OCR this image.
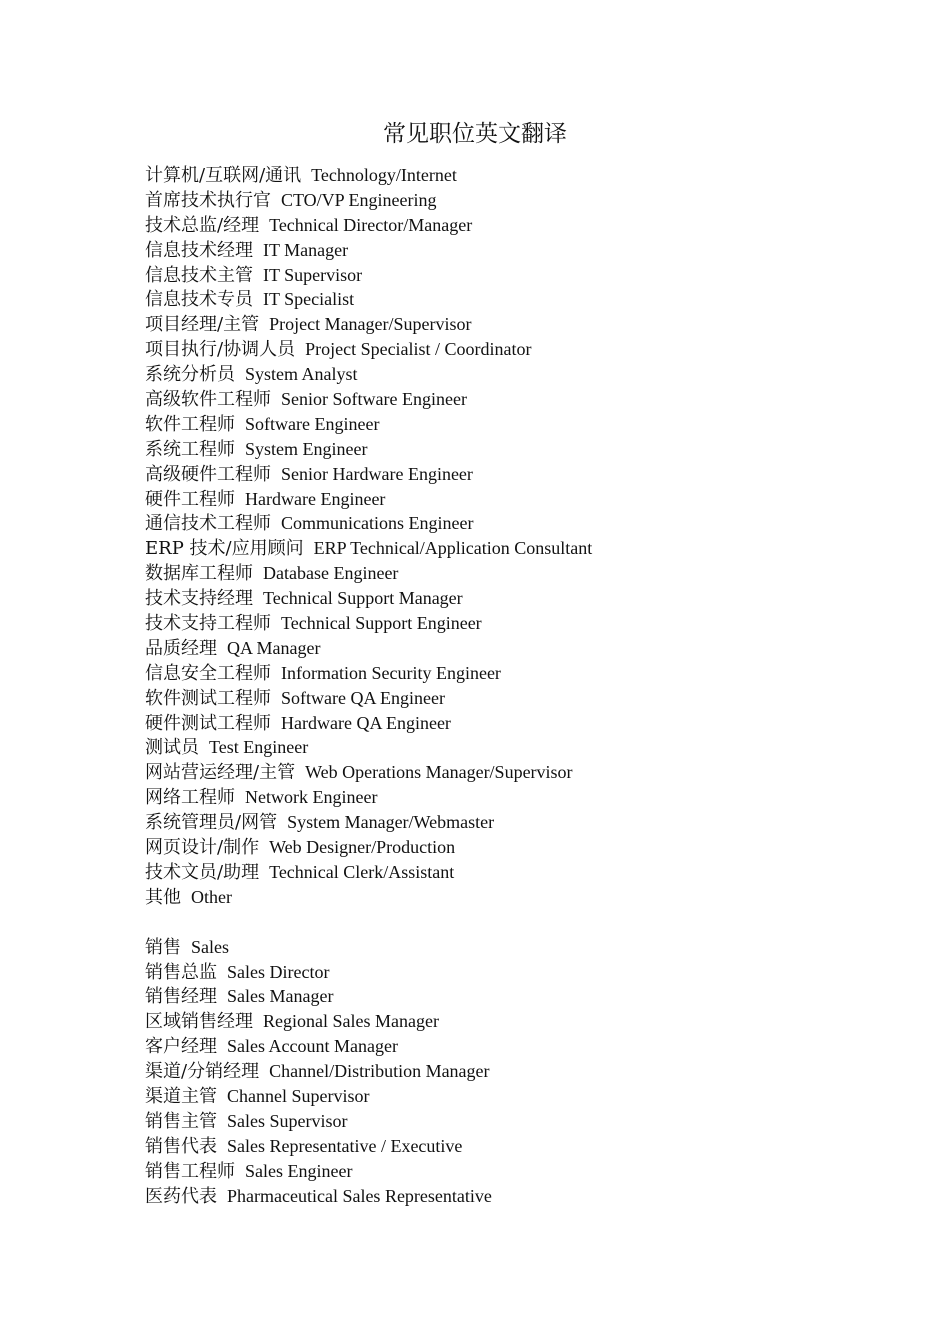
常见职位英文翻译
计算机/互联网/通讯 Technology/Internet
首席技术执行官 CTO/VP Engineering
技术总监/经理 Technical Director/Manager
信息技术经理 IT Manager
信息技术主管 IT Supervisor
信息技术专员 IT Specialist
项目经理/主管 Project Manager/Supervisor
项目执行/协调人员 Project Specialist / Coordinator
系统分析员 System Analyst
高级软件工程师 Senior Software Engineer
软件工程师 Software Engineer
系统工程师 System Engineer
高级硬件工程师 Senior Hardware Engineer
硬件工程师 Hardware Engineer
通信技术工程师 Communications Engineer
ERP 技术/应用顾问 ERP Technical/Application Consultant
数据库工程师 Database Engineer
技术支持经理 Technical Support Manager
技术支持工程师 Technical Support Engineer
品质经理 QA Manager
信息安全工程师 Information Security Engineer
软件测试工程师 Software QA Engineer
硬件测试工程师 Hardware QA Engineer
测试员 Test Engineer
网站营运经理/主管 Web Operations Manager/Supervisor
网络工程师 Network Engineer
系统管理员/网管 System Manager/Webmaster
网页设计/制作 Web Designer/Production
技术文员/助理 Technical Clerk/Assistant
其他 Other
销售 Sales
销售总监 Sales Director
销售经理 Sales Manager
区域销售经理 Regional Sales Manager
客户经理 Sales Account Manager
渠道/分销经理 Channel/Distribution Manager
渠道主管 Channel Supervisor
销售主管 Sales Supervisor
销售代表 Sales Representative / Executive
销售工程师 Sales Engineer
医药代表 Pharmaceutical Sales Representative
